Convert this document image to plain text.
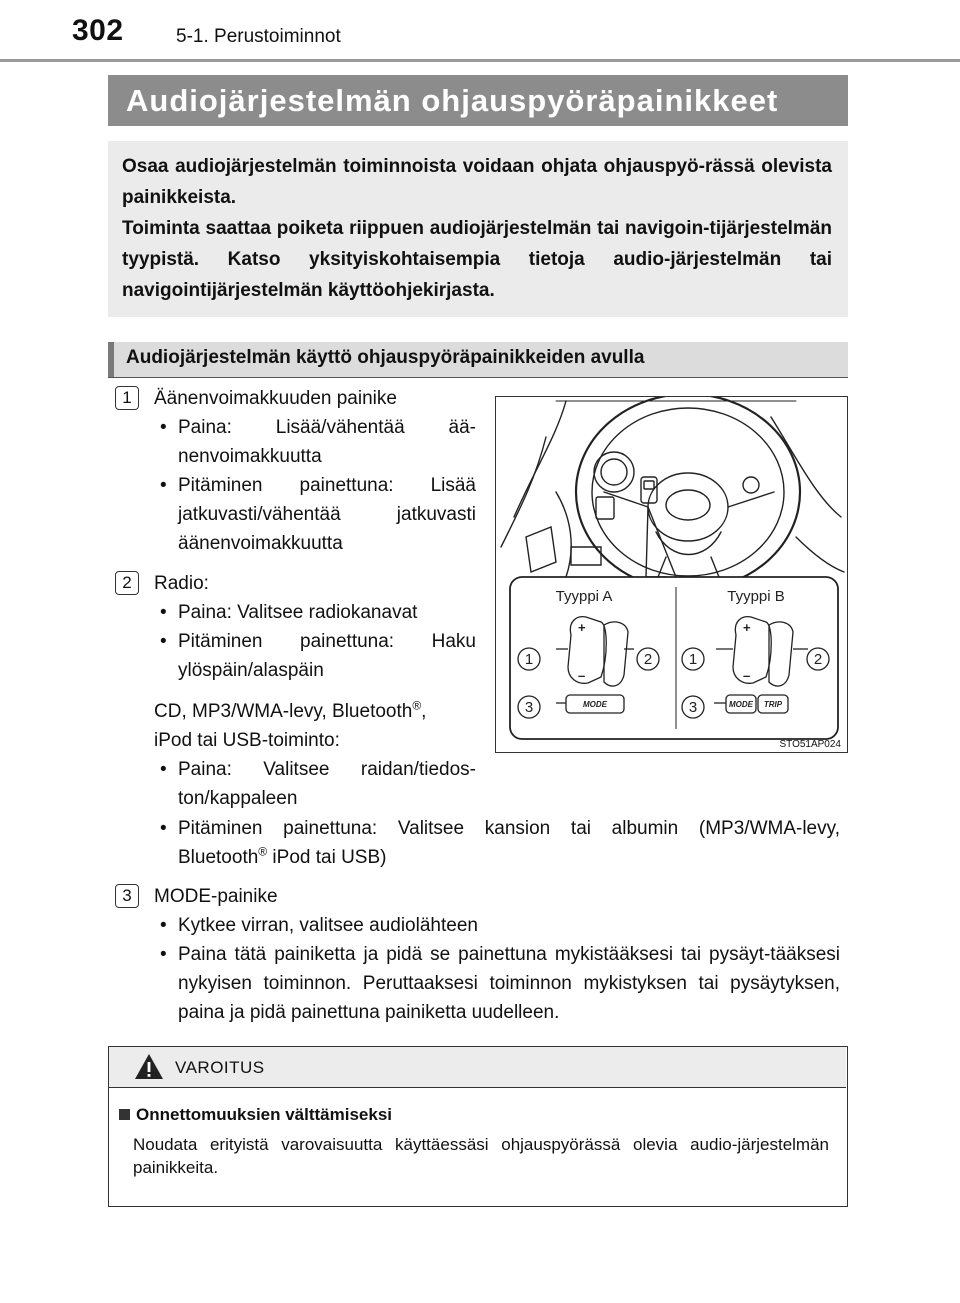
302	5-1. Perustoiminnot
Audiojärjestelmän ohjauspyöräpainikkeet

Osaa audiojärjestelmän toiminnoista voidaan ohjata ohjauspyö-rässä olevista painikkeista.

Toiminta saattaa poiketa riippuen audiojärjestelmän tai navigoin-tijärjestelmän tyypistä. Katso yksityiskohtaisempia tietoja audio-järjestelmän tai navigointijärjestelmän käyttöohjekirjasta.

Audiojärjestelmän käyttö ohjauspyöräpainikkeiden avulla
1	Äänenvoimakkuuden painike
• Paina: Lisää/vähentää ää-nenvoimakkuutta
• Pitäminen painettuna: Lisää jatkuvasti/vähentää jatkuvasti äänenvoimakkuutta
2	Radio:
• Paina: Valitsee radiokanavat
• Pitäminen painettuna: Haku ylöspäin/alaspäin
CD, MP3/WMA-levy, Bluetooth®,
iPod tai USB-toiminto:
• Paina: Valitsee raidan/tiedos-ton/kappaleen
• Pitäminen painettuna: Valitsee kansion tai albumin (MP3/WMA-levy, Bluetooth® iPod tai USB)
3	MODE-painike
• Kytkee virran, valitsee audiolähteen
• Paina tätä painiketta ja pidä se painettuna mykistääksesi tai pysäyt-tääksesi nykyisen toiminnon. Peruttaaksesi toiminnon mykistyksen tai pysäytyksen, paina ja pidä painettuna painiketta uudelleen.
+
–
+
–
1	2
3
1	2
3
MODE	MODE TRIP
Tyyppi A	Tyyppi B
STO51AP024
VAROITUS
Onnettomuuksien välttämiseksi
Noudata erityistä varovaisuutta käyttäessäsi ohjauspyörässä olevia audio-järjestelmän painikkeita.
